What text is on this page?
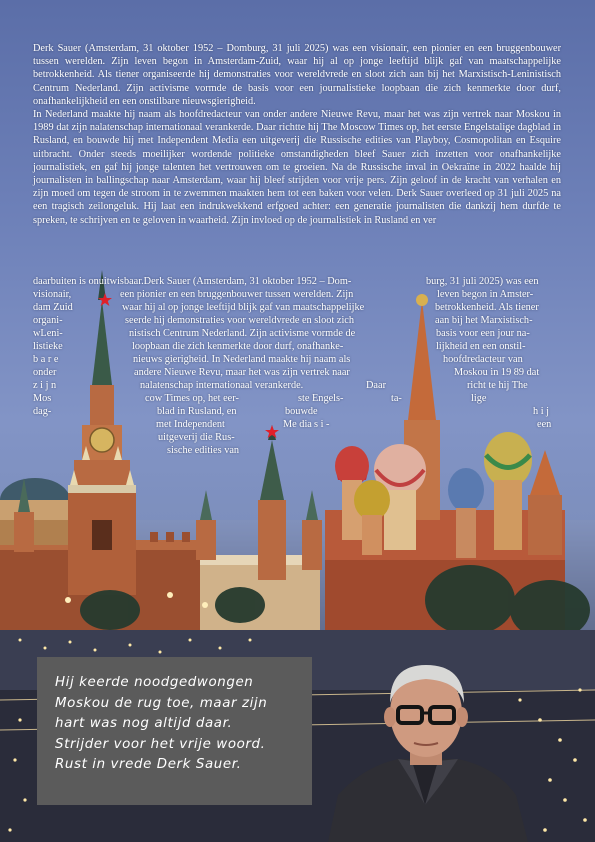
Derk Sauer (Amsterdam, 31 oktober 1952 – Domburg, 31 juli 2025) was een visionair, een pionier en een bruggenbouwer tussen werelden. Zijn leven begon in Amsterdam-Zuid, waar hij al op jonge leeftijd blijk gaf van maatschappelijke betrokkenheid. Als tiener organiseerde hij demonstraties voor wereldvrede en sloot zich aan bij het Marxistisch-Leninistisch Centrum Nederland. Zijn activisme vormde de basis voor een journalistieke loopbaan die zich kenmerkte door durf, onafhankelijkheid en een onstilbare nieuwsgierigheid.

In Nederland maakte hij naam als hoofdredacteur van onder andere Nieuwe Revu, maar het was zijn vertrek naar Moskou in 1989 dat zijn nalatenschap internationaal verankerde. Daar richtte hij The Moscow Times op, het eerste Engelstalige dagblad in Rusland, en bouwde hij met Independent Media een uitgeverij die Russische edities van Playboy, Cosmopolitan en Esquire uitbracht. Onder steeds moeilijker wordende politieke omstandigheden bleef Sauer zich inzetten voor onafhankelijke journalistiek, en gaf hij jonge talenten het vertrouwen om te groeien. Na de Russische inval in Oekraïne in 2022 haalde hij journalisten in ballingschap naar Amsterdam, waar hij bleef strijden voor vrije pers. Zijn geloof in de kracht van verhalen en zijn moed om tegen de stroom in te zwemmen maakten hem tot een baken voor velen. Derk Sauer overleed op 31 juli 2025 na een tragisch zeilongeluk. Hij laat een indrukwekkend erfgoed achter: een generatie journalisten die dankzij hem durfde te spreken, te schrijven en te geloven in waarheid. Zijn invloed op de journalistiek in Rusland en ver

daarbuiten is onuitwisbaar.Derk Sauer (Amsterdam, 31 oktober 1952 – Dom-	burg, 31 juli 2025) was een
visionair,	een pionier en een bruggenbouwer tussen werelden. Zijn	leven begon in Amster-
dam Zuid	waar hij al op jonge leeftijd blijk gaf van maatschappelijke	betrokkenheid. Als tiener
organi-	seerde hij demonstraties voor wereldvrede en sloot zich	aan bij het Marxistisch-
wLeni-	nistisch Centrum Nederland. Zijn activisme vormde de	basis voor een jour na-
listieke	loopbaan die zich kenmerkte door durf, onafhanke-	lijkheid en een onstil-
b a r e	nieuws gierigheid. In Nederland maakte hij naam als	hoofdredacteur van
onder	andere Nieuwe Revu, maar het was zijn vertrek naar	Moskou in 19 89 dat
z i j n	nalatenschap internationaal verankerde.	Daar	richt te hij The
Mos	cow Times op, het eer-	ste Engels-	ta-	lige
dag-	blad in Rusland, en	bouwde	h i j
met Independent	Me dia s i -	een
uitgeverij die Rus-
sische edities van
Hij keerde noodgedwongen
Moskou de rug toe, maar zijn
hart was nog altijd daar.
Strijder voor het vrije woord.
Rust in vrede Derk Sauer.
